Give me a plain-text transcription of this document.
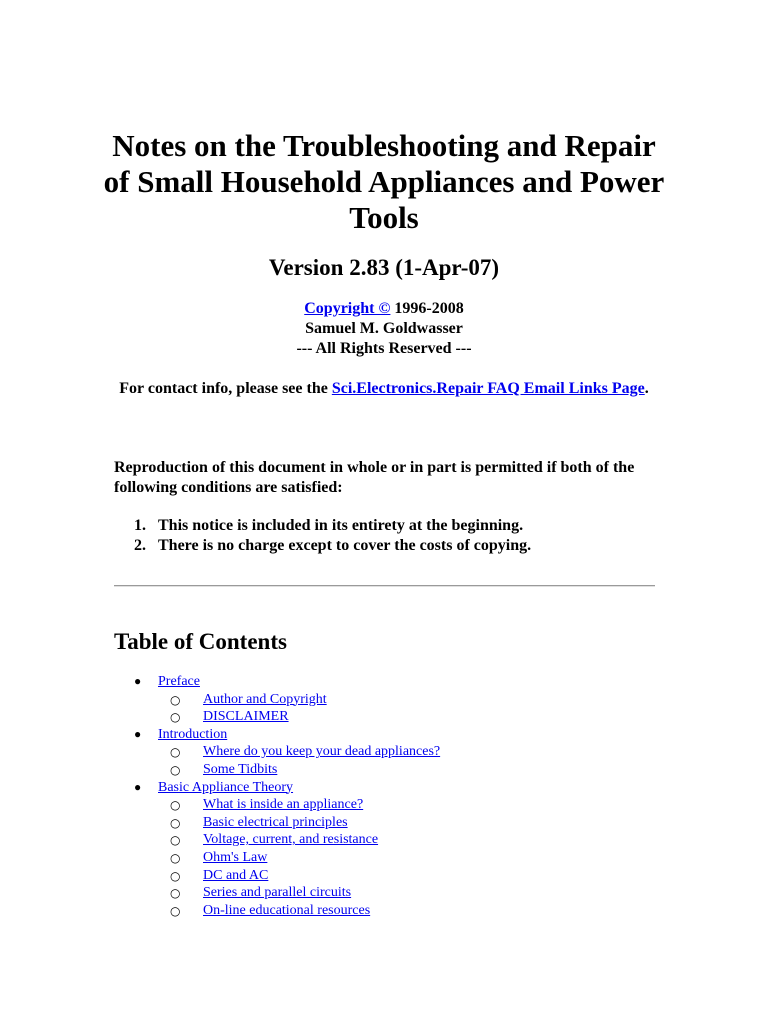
Notes on the Troubleshooting and Repair of Small Household Appliances and Power Tools
Version 2.83 (1-Apr-07)
Copyright © 1996-2008
Samuel M. Goldwasser
--- All Rights Reserved ---
For contact info, please see the Sci.Electronics.Repair FAQ Email Links Page.

Reproduction of this document in whole or in part is permitted if both of the following conditions are satisfied:

1. This notice is included in its entirety at the beginning.
2. There is no charge except to cover the costs of copying.
Table of Contents
● Preface
○ Author and Copyright
○ DISCLAIMER
● Introduction
○ Where do you keep your dead appliances?
○ Some Tidbits
● Basic Appliance Theory
○ What is inside an appliance?
○ Basic electrical principles
○ Voltage, current, and resistance
○ Ohm's Law
○ DC and AC
○ Series and parallel circuits
○ On-line educational resources
